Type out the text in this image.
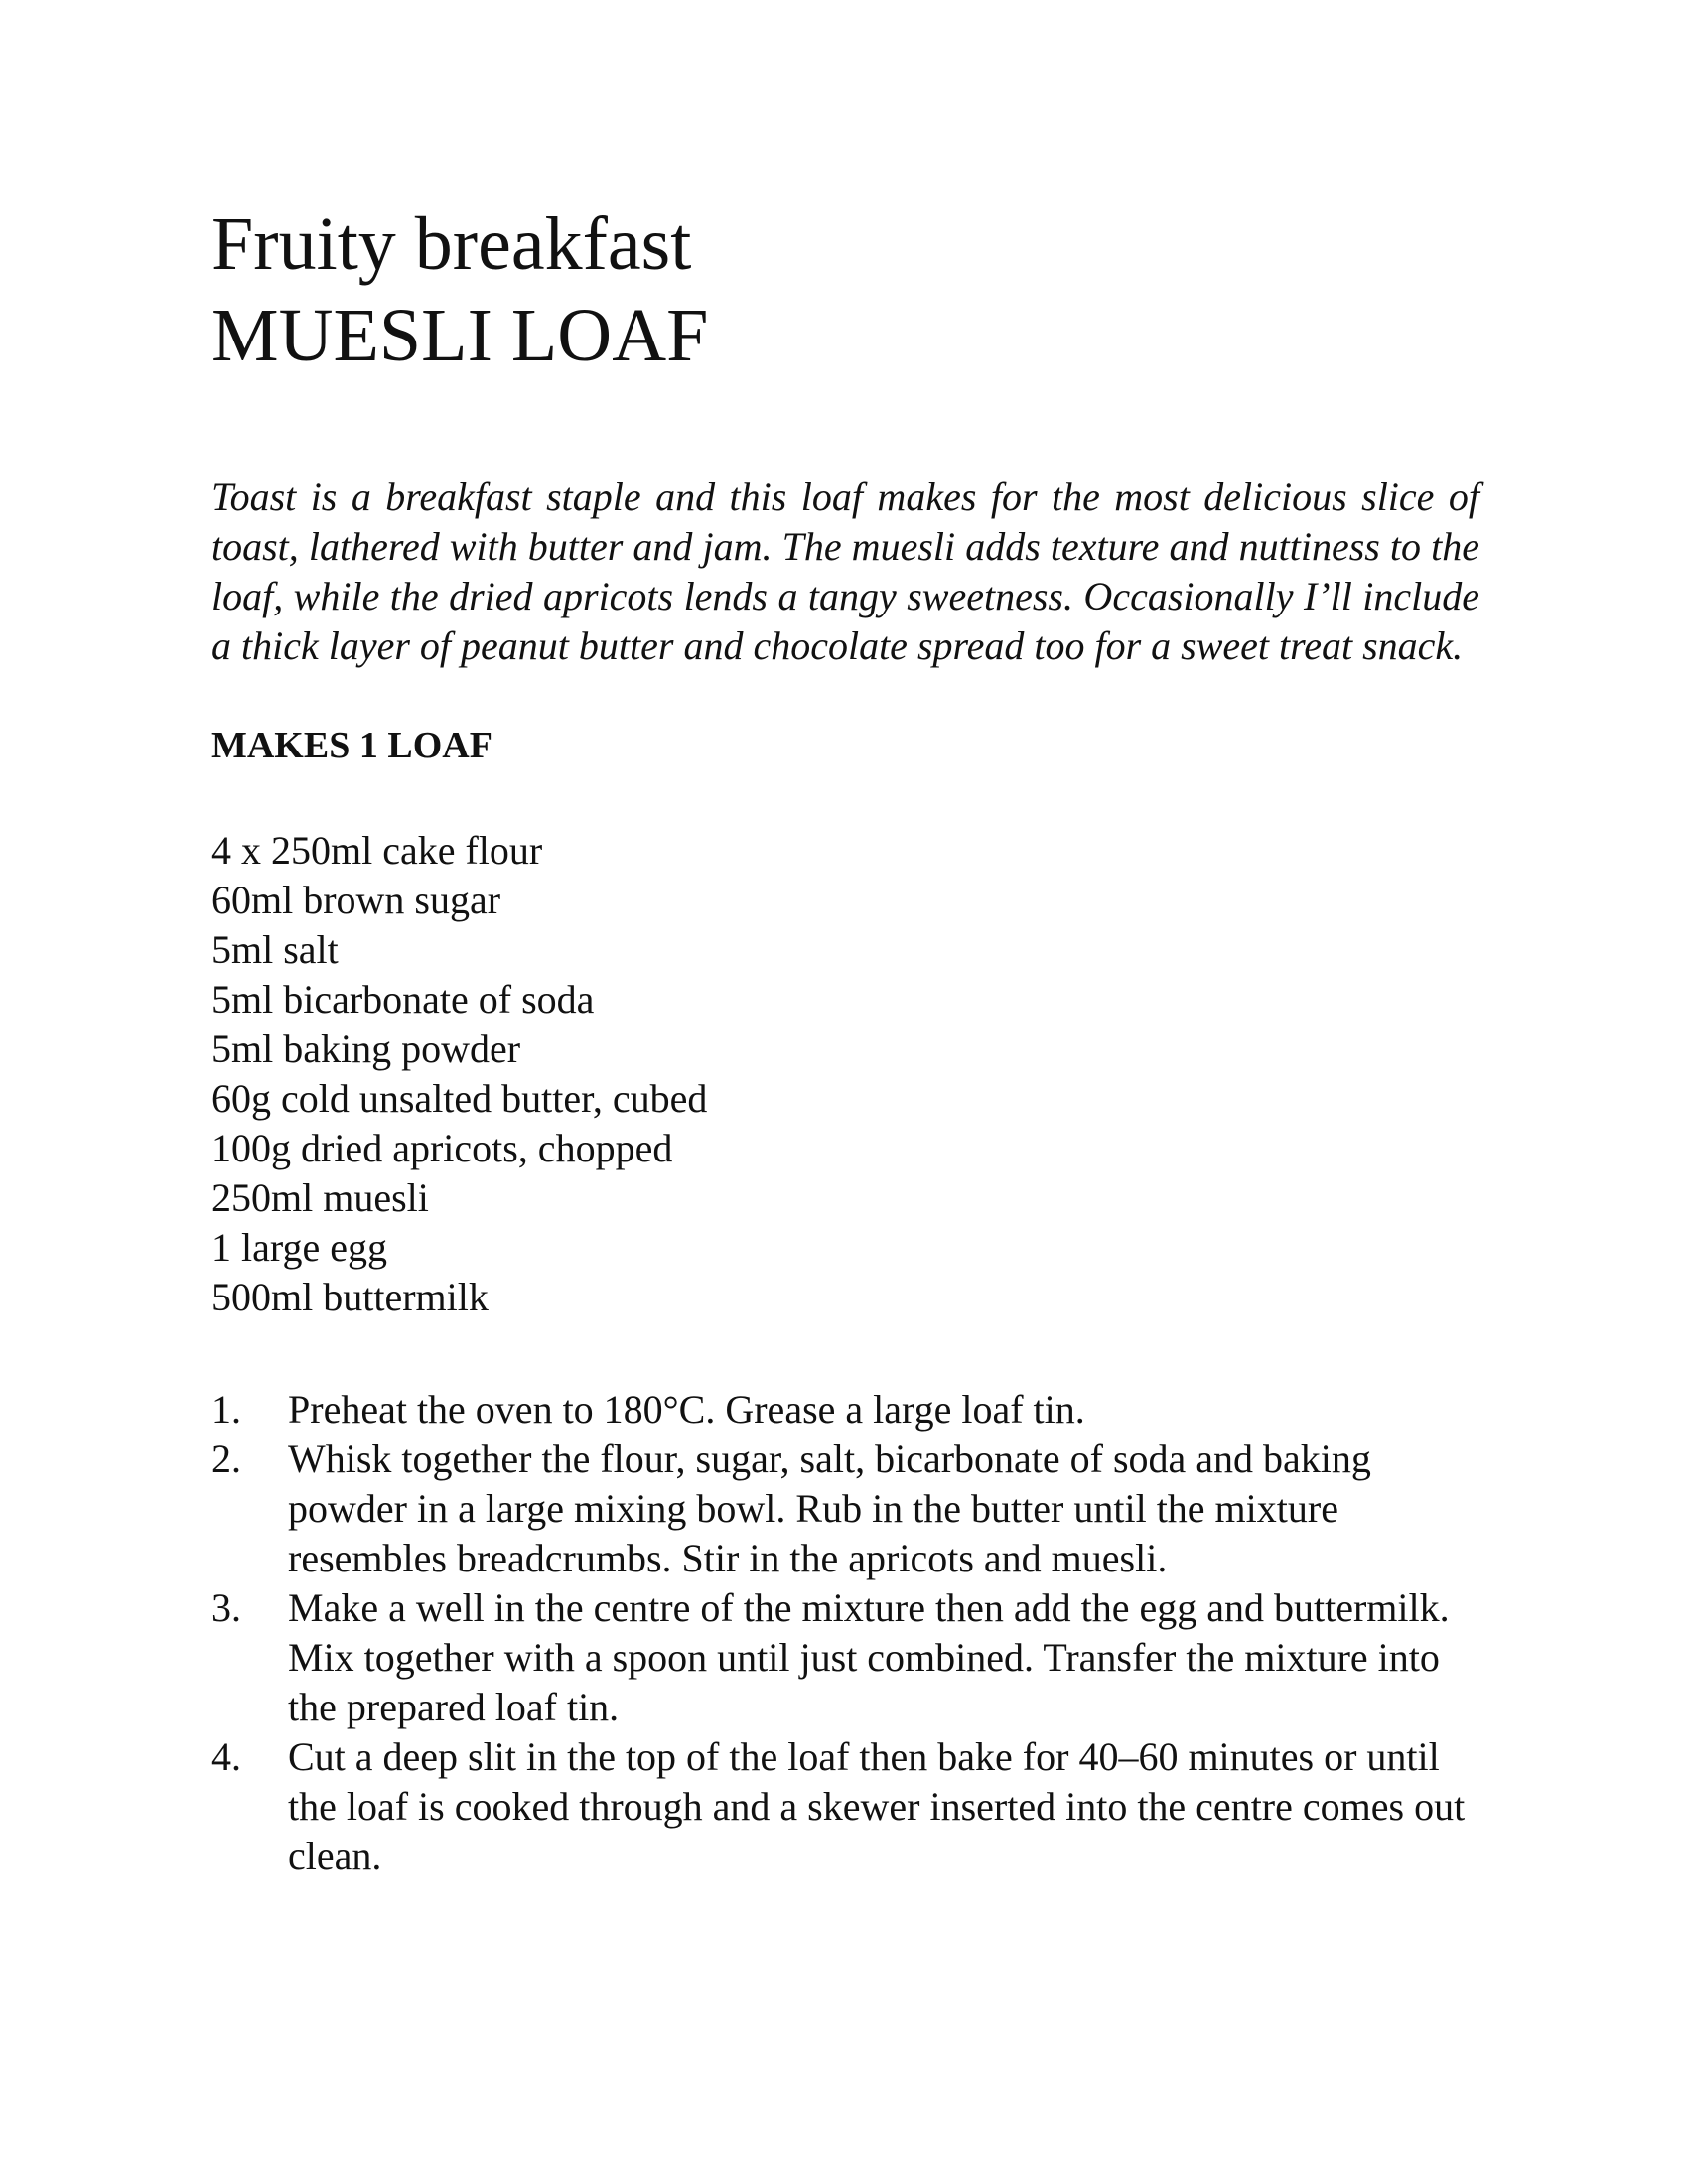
Fruity breakfast
MUESLI LOAF

Toast is a breakfast staple and this loaf makes for the most delicious slice of toast, lathered with butter and jam. The muesli adds texture and nuttiness to the loaf, while the dried apricots lends a tangy sweetness. Occasionally I’ll include a thick layer of peanut butter and chocolate spread too for a sweet treat snack.

MAKES 1 LOAF
4 x 250ml cake flour
60ml brown sugar
5ml salt
5ml bicarbonate of soda
5ml baking powder
60g cold unsalted butter, cubed
100g dried apricots, chopped
250ml muesli
1 large egg
500ml buttermilk
1.	Preheat the oven to 180°C. Grease a large loaf tin.
2.	Whisk together the flour, sugar, salt, bicarbonate of soda and baking powder in a large mixing bowl. Rub in the butter until the mixture resembles breadcrumbs. Stir in the apricots and muesli.
3.	Make a well in the centre of the mixture then add the egg and buttermilk. Mix together with a spoon until just combined. Transfer the mixture into the prepared loaf tin.
4.	Cut a deep slit in the top of the loaf then bake for 40–60 minutes or until the loaf is cooked through and a skewer inserted into the centre comes out clean.
